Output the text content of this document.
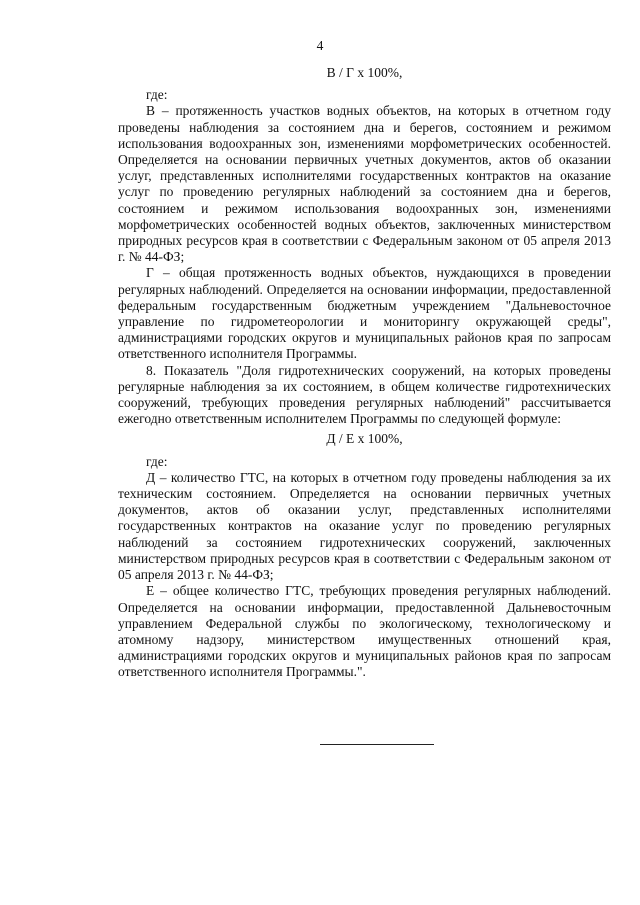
4

В / Г х 100%,

где:

В – протяженность участков водных объектов, на которых в отчетном году проведены наблюдения за состоянием дна и берегов, состоянием и режимом использования водоохранных зон, изменениями морфометрических особенностей. Определяется на основании первичных учетных документов, актов об оказании услуг, представленных исполнителями государственных контрактов на оказание услуг по проведению регулярных наблюдений за состоянием дна и берегов, состоянием и режимом использования водоохранных зон, изменениями морфометрических особенностей водных объектов, заключенных министерством природных ресурсов края в соответствии с Федеральным законом от 05 апреля 2013 г. № 44-ФЗ;

Г – общая протяженность водных объектов, нуждающихся в проведении регулярных наблюдений. Определяется на основании информации, предоставленной федеральным государственным бюджетным учреждением "Дальневосточное управление по гидрометеорологии и мониторингу окружающей среды", администрациями городских округов и муниципальных районов края по запросам ответственного исполнителя Программы.

8. Показатель "Доля гидротехнических сооружений, на которых проведены регулярные наблюдения за их состоянием, в общем количестве гидротехнических сооружений, требующих проведения регулярных наблюдений" рассчитывается ежегодно ответственным исполнителем Программы по следующей формуле:

Д / Е х 100%,

где:

Д – количество ГТС, на которых в отчетном году проведены наблюдения за их техническим состоянием. Определяется на основании первичных учетных документов, актов об оказании услуг, представленных исполнителями государственных контрактов на оказание услуг по проведению регулярных наблюдений за состоянием гидротехнических сооружений, заключенных министерством природных ресурсов края в соответствии с Федеральным законом от 05 апреля 2013 г. № 44-ФЗ;

Е – общее количество ГТС, требующих проведения регулярных наблюдений. Определяется на основании информации, предоставленной Дальневосточным управлением Федеральной службы по экологическому, технологическому и атомному надзору, министерством имущественных отношений края, администрациями городских округов и муниципальных районов края по запросам ответственного исполнителя Программы.".
